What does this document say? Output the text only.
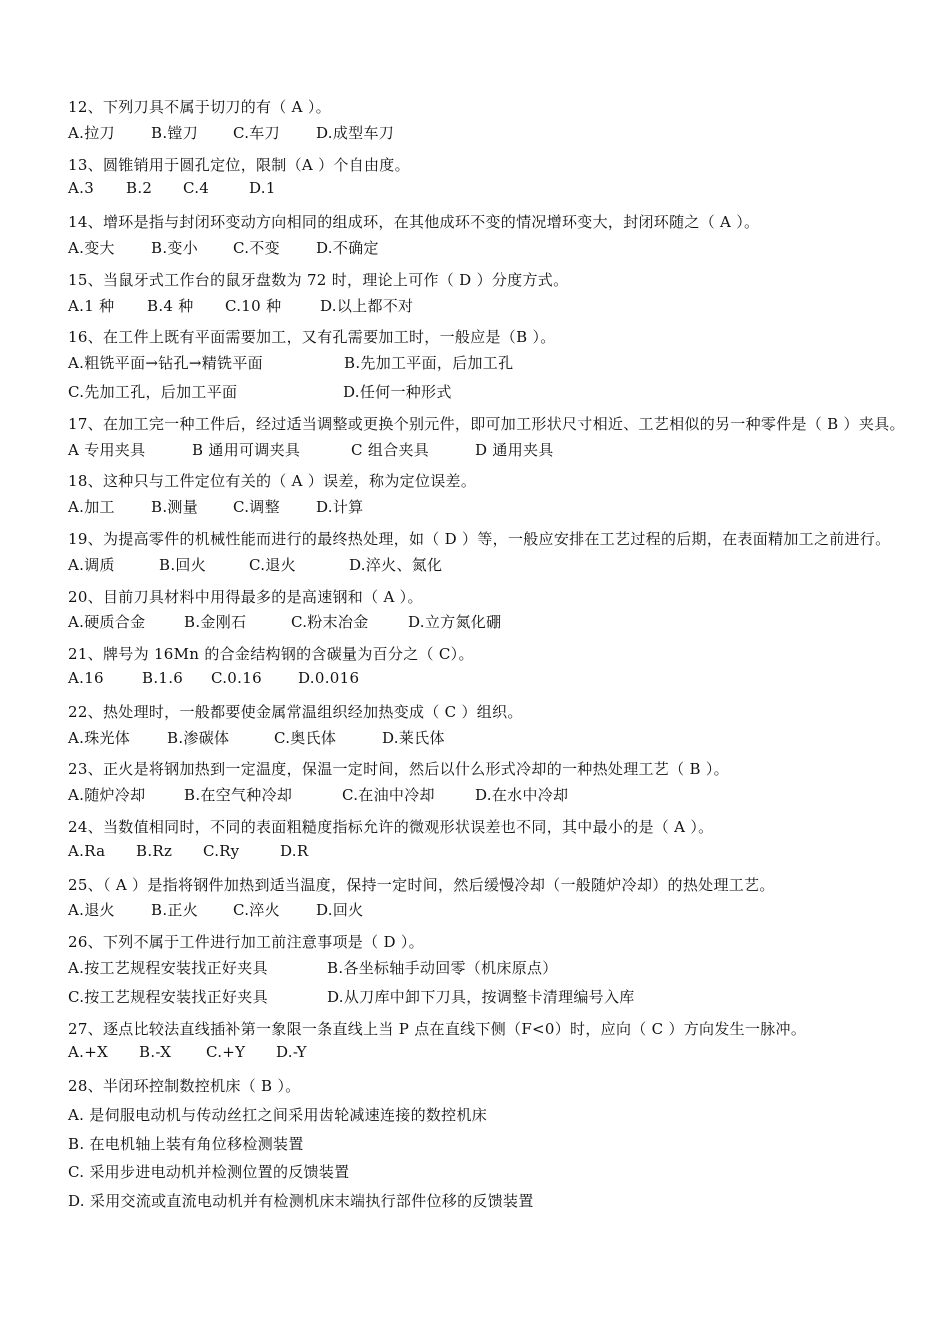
12、下列刀具不属于切刀的有（ A ）。
A.拉刀 B.镗刀 C.车刀 D.成型车刀
13、圆锥销用于圆孔定位，限制（A ）个自由度。
A.3 B.2 C.4	D.1
14、增环是指与封闭环变动方向相同的组成环，在其他成环不变的情况增环变大，封闭环随之（ A ）。
A.变大 B.变小 C.不变 D.不确定
15、当鼠牙式工作台的鼠牙盘数为 72 时，理论上可作（ D ）分度方式。
A.1 种 B.4 种 C.10 种	D.以上都不对
16、在工件上既有平面需要加工，又有孔需要加工时，一般应是（B ）。
A.粗铣平面→钻孔→精铣平面	B.先加工平面，后加工孔
C.先加工孔，后加工平面	D.任何一种形式
17、在加工完一种工件后，经过适当调整或更换个别元件，即可加工形状尺寸相近、工艺相似的另一种零件是（ B ）夹具。
A 专用夹具	B 通用可调夹具	C 组合夹具	D 通用夹具
18、这种只与工件定位有关的（ A ）误差，称为定位误差。
A.加工 B.测量 C.调整 D.计算
19、为提高零件的机械性能而进行的最终热处理，如（ D ）等，一般应安排在工艺过程的后期，在表面精加工之前进行。
A.调质	B.回火	C.退火	D.淬火、氮化
20、目前刀具材料中用得最多的是高速钢和（ A ）。
A.硬质合金	B.金刚石	C.粉末冶金	D.立方氮化硼
21、牌号为 16Mn 的合金结构钢的含碳量为百分之（ C）。
A.16	B.1.6 C.0.16 D.0.016
22、热处理时，一般都要使金属常温组织经加热变成（ C ）组织。
A.珠光体 B.渗碳体	C.奥氏体	D.莱氏体
23、正火是将钢加热到一定温度，保温一定时间，然后以什么形式冷却的一种热处理工艺（ B ）。
A.随炉冷却	B.在空气种冷却	C.在油中冷却	D.在水中冷却
24、当数值相同时，不同的表面粗糙度指标允许的微观形状误差也不同，其中最小的是（ A ）。
A.Ra B.Rz C.Ry	D.R
25、（ A ）是指将钢件加热到适当温度，保持一定时间，然后缓慢冷却（一般随炉冷却）的热处理工艺。
A.退火 B.正火 C.淬火 D.回火
26、下列不属于工件进行加工前注意事项是（ D ）。
A.按工艺规程安装找正好夹具	B.各坐标轴手动回零（机床原点）
C.按工艺规程安装找正好夹具	D.从刀库中卸下刀具，按调整卡清理编号入库
27、逐点比较法直线插补第一象限一条直线上当 P 点在直线下侧（F<0）时，应向（ C ）方向发生一脉冲。
A.+X B.-X C.+Y D.-Y
28、半闭环控制数控机床（ B ）。
A. 是伺服电动机与传动丝扛之间采用齿轮减速连接的数控机床
B. 在电机轴上装有角位移检测装置
C. 采用步进电动机并检测位置的反馈装置
D. 采用交流或直流电动机并有检测机床末端执行部件位移的反馈装置
